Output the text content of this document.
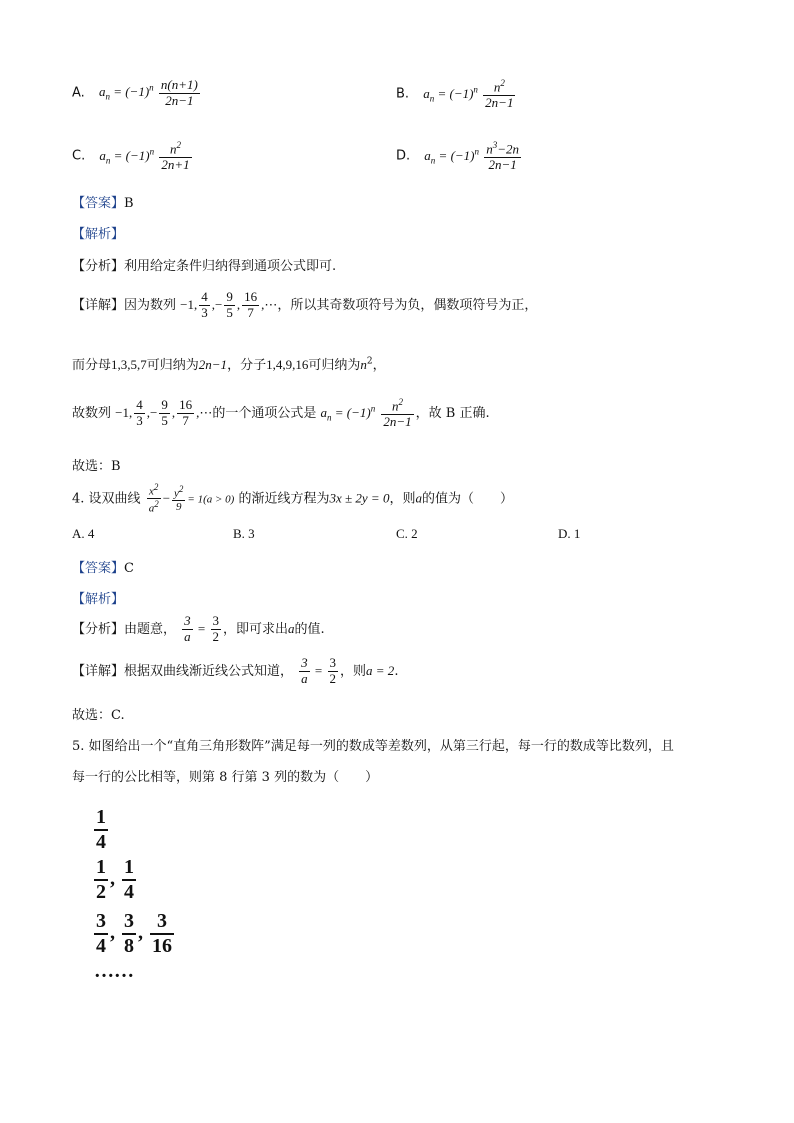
A. $a_n = (-1)^n \frac{n(n+1)}{2n-1}$	B. $a_n = (-1)^n \frac{n^2}{2n-1}$
C. $a_n = (-1)^n \frac{n^2}{2n+1}$	D. $a_n = (-1)^n \frac{n^3-2n}{2n-1}$
【答案】B
【解析】
【分析】利用给定条件归纳得到通项公式即可.
【详解】因为数列 −1, $\frac{4}{3}$ ,− $\frac{9}{5}$ , $\frac{16}{7}$ ,⋯，所以其奇数项符号为负，偶数项符号为正，
而分母1,3,5,7可归纳为2n−1，分子1,4,9,16可归纳为$n^2$，
故数列 −1, $\frac{4}{3}$ ,− $\frac{9}{5}$ , $\frac{16}{7}$ ,⋯的一个通项公式是 $a_n = (-1)^n \frac{n^2}{2n-1}$ ，故 B 正确.
故选：B
4. 设双曲线 $\frac{x^2}{a^2} - \frac{y^2}{9} = 1(a > 0)$ 的渐近线方程为3x ± 2y = 0，则a的值为（　　）
A. 4	B. 3	C. 2	D. 1
【答案】C
【解析】
【分析】由题意， $\frac{3}{a} = \frac{3}{2}$ ，即可求出a的值.
【详解】根据双曲线渐近线公式知道， $\frac{3}{a} = \frac{3}{2}$ ，则a = 2.
故选：C.
5. 如图给出一个“直角三角形数阵”满足每一列的数成等差数列，从第三行起，每一行的数成等比数列，且
每一行的公比相等，则第 8 行第 3 列的数为（　　）
$\frac{1}{4}$
$\frac{1}{2}$ , $\frac{1}{4}$
$\frac{3}{4}$ , $\frac{3}{8}$ , $\frac{3}{16}$
……
